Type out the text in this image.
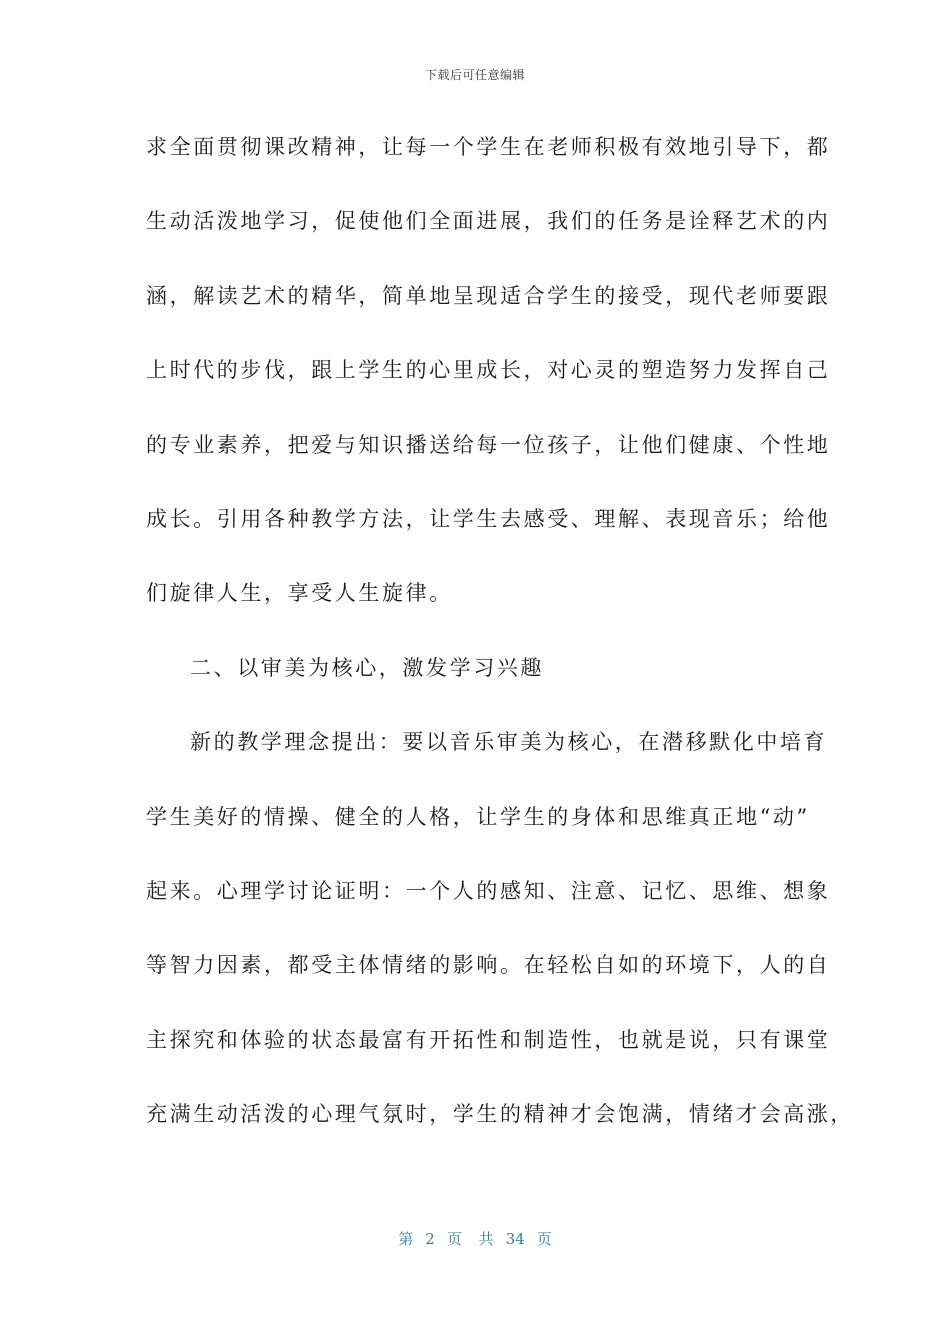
下载后可任意编辑
求全面贯彻课改精神，让每一个学生在老师积极有效地引导下，都
生动活泼地学习，促使他们全面进展，我们的任务是诠释艺术的内
涵，解读艺术的精华，简单地呈现适合学生的接受，现代老师要跟
上时代的步伐，跟上学生的心里成长，对心灵的塑造努力发挥自己
的专业素养，把爱与知识播送给每一位孩子，让他们健康、个性地
成长。引用各种教学方法，让学生去感受、理解、表现音乐；给他
们旋律人生，享受人生旋律。
二、以审美为核心，激发学习兴趣
新的教学理念提出：要以音乐审美为核心，在潜移默化中培育
学生美好的情操、健全的人格，让学生的身体和思维真正地“动”
起来。心理学讨论证明：一个人的感知、注意、记忆、思维、想象
等智力因素，都受主体情绪的影响。在轻松自如的环境下，人的自
主探究和体验的状态最富有开拓性和制造性，也就是说，只有课堂
充满生动活泼的心理气氛时，学生的精神才会饱满，情绪才会高涨，
第 2 页 共 34 页
